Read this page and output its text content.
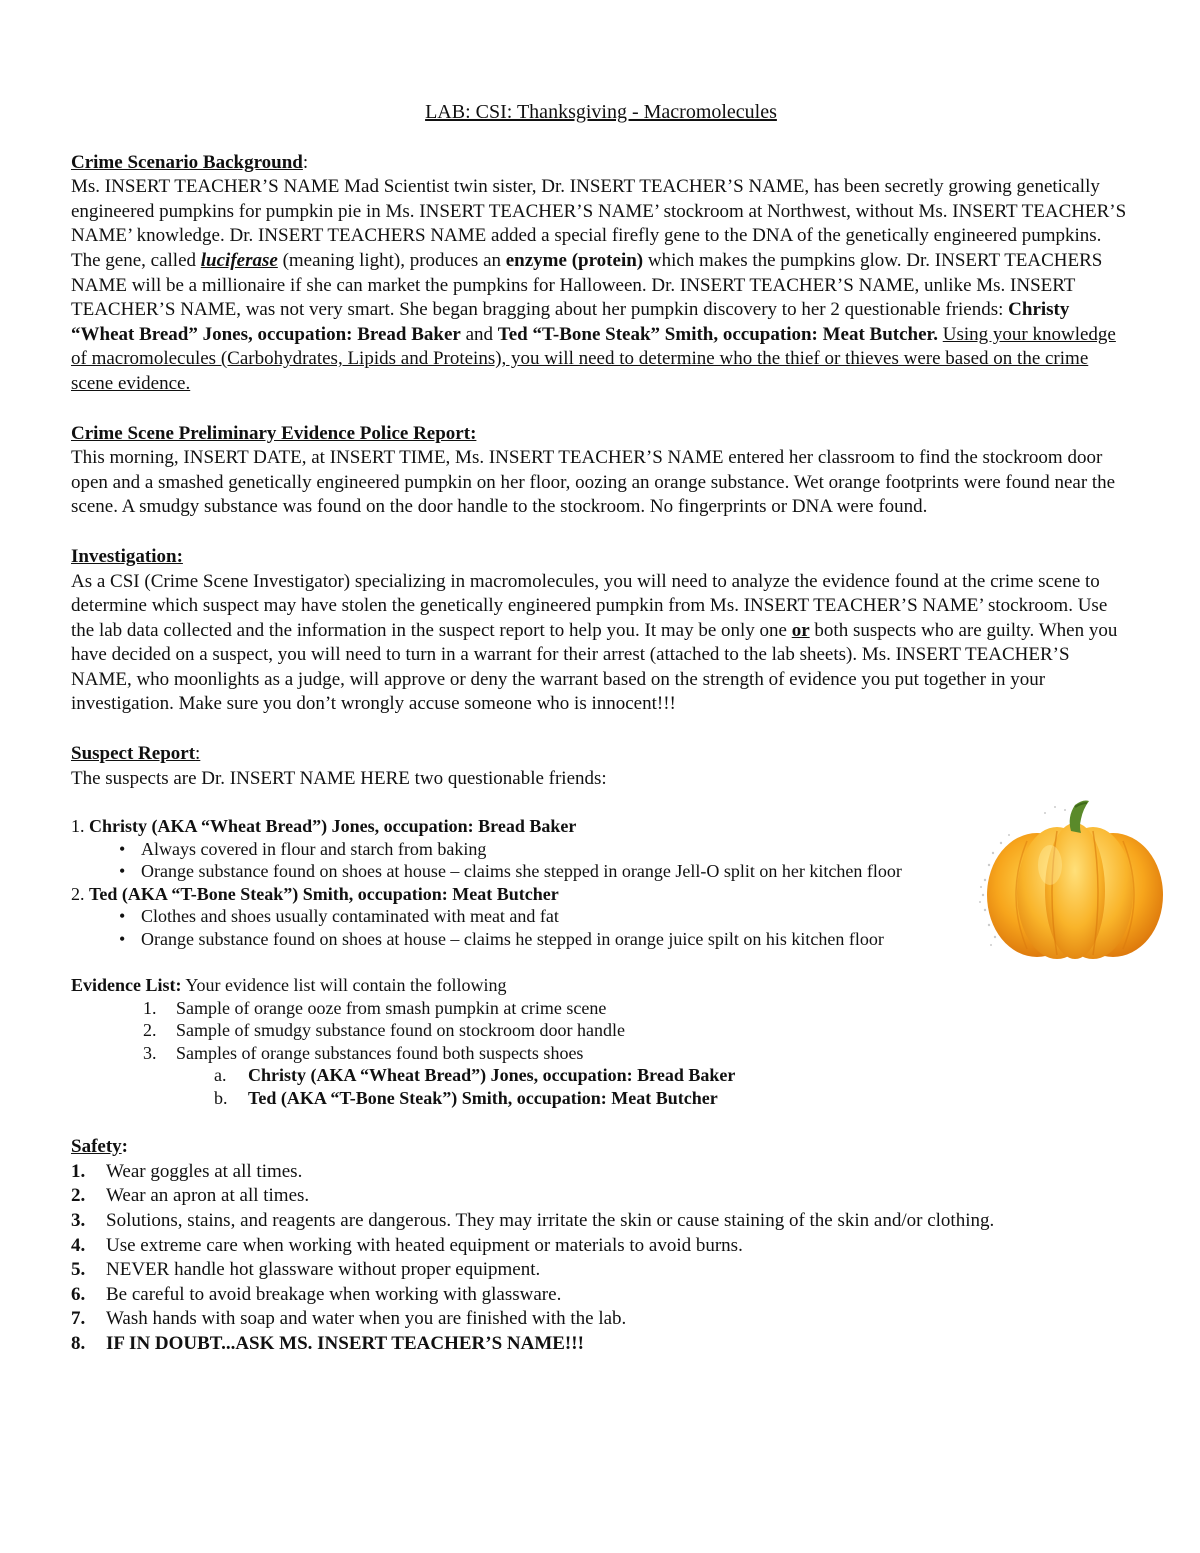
LAB: CSI: Thanksgiving - Macromolecules

Crime Scenario Background:

Ms. INSERT TEACHER’S NAME Mad Scientist twin sister, Dr. INSERT TEACHER’S NAME, has been secretly growing genetically engineered pumpkins for pumpkin pie in Ms. INSERT TEACHER’S NAME’ stockroom at Northwest, without Ms. INSERT TEACHER’S NAME’ knowledge. Dr. INSERT TEACHERS NAME added a special firefly gene to the DNA of the genetically engineered pumpkins. The gene, called luciferase (meaning light), produces an enzyme (protein) which makes the pumpkins glow. Dr. INSERT TEACHERS NAME will be a millionaire if she can market the pumpkins for Halloween. Dr. INSERT TEACHER’S NAME, unlike Ms. INSERT TEACHER’S NAME, was not very smart. She began bragging about her pumpkin discovery to her 2 questionable friends: Christy “Wheat Bread” Jones, occupation: Bread Baker and Ted “T-Bone Steak” Smith, occupation: Meat Butcher. Using your knowledge of macromolecules (Carbohydrates, Lipids and Proteins), you will need to determine who the thief or thieves were based on the crime scene evidence.

Crime Scene Preliminary Evidence Police Report:

This morning, INSERT DATE, at INSERT TIME, Ms. INSERT TEACHER’S NAME entered her classroom to find the stockroom door open and a smashed genetically engineered pumpkin on her floor, oozing an orange substance. Wet orange footprints were found near the scene. A smudgy substance was found on the door handle to the stockroom. No fingerprints or DNA were found.

Investigation:

As a CSI (Crime Scene Investigator) specializing in macromolecules, you will need to analyze the evidence found at the crime scene to determine which suspect may have stolen the genetically engineered pumpkin from Ms. INSERT TEACHER’S NAME’ stockroom. Use the lab data collected and the information in the suspect report to help you. It may be only one or both suspects who are guilty. When you have decided on a suspect, you will need to turn in a warrant for their arrest (attached to the lab sheets). Ms. INSERT TEACHER’S NAME, who moonlights as a judge, will approve or deny the warrant based on the strength of evidence you put together in your investigation. Make sure you don’t wrongly accuse someone who is innocent!!!

Suspect Report:

The suspects are Dr. INSERT NAME HERE two questionable friends:

1. Christy (AKA “Wheat Bread”) Jones, occupation: Bread Baker

• Always covered in flour and starch from baking
• Orange substance found on shoes at house – claims she stepped in orange Jell-O split on her kitchen floor

2. Ted (AKA “T-Bone Steak”) Smith, occupation: Meat Butcher

• Clothes and shoes usually contaminated with meat and fat
• Orange substance found on shoes at house – claims he stepped in orange juice spilt on his kitchen floor

Evidence List: Your evidence list will contain the following

1. Sample of orange ooze from smash pumpkin at crime scene
2. Sample of smudgy substance found on stockroom door handle
3. Samples of orange substances found both suspects shoes
a. Christy (AKA “Wheat Bread”) Jones, occupation: Bread Baker
b. Ted (AKA “T-Bone Steak”) Smith, occupation: Meat Butcher

Safety:

1. Wear goggles at all times.
2. Wear an apron at all times.
3. Solutions, stains, and reagents are dangerous. They may irritate the skin or cause staining of the skin and/or clothing.
4. Use extreme care when working with heated equipment or materials to avoid burns.
5. NEVER handle hot glassware without proper equipment.
6. Be careful to avoid breakage when working with glassware.
7. Wash hands with soap and water when you are finished with the lab.
8. IF IN DOUBT...ASK MS. INSERT TEACHER’S NAME!!!
